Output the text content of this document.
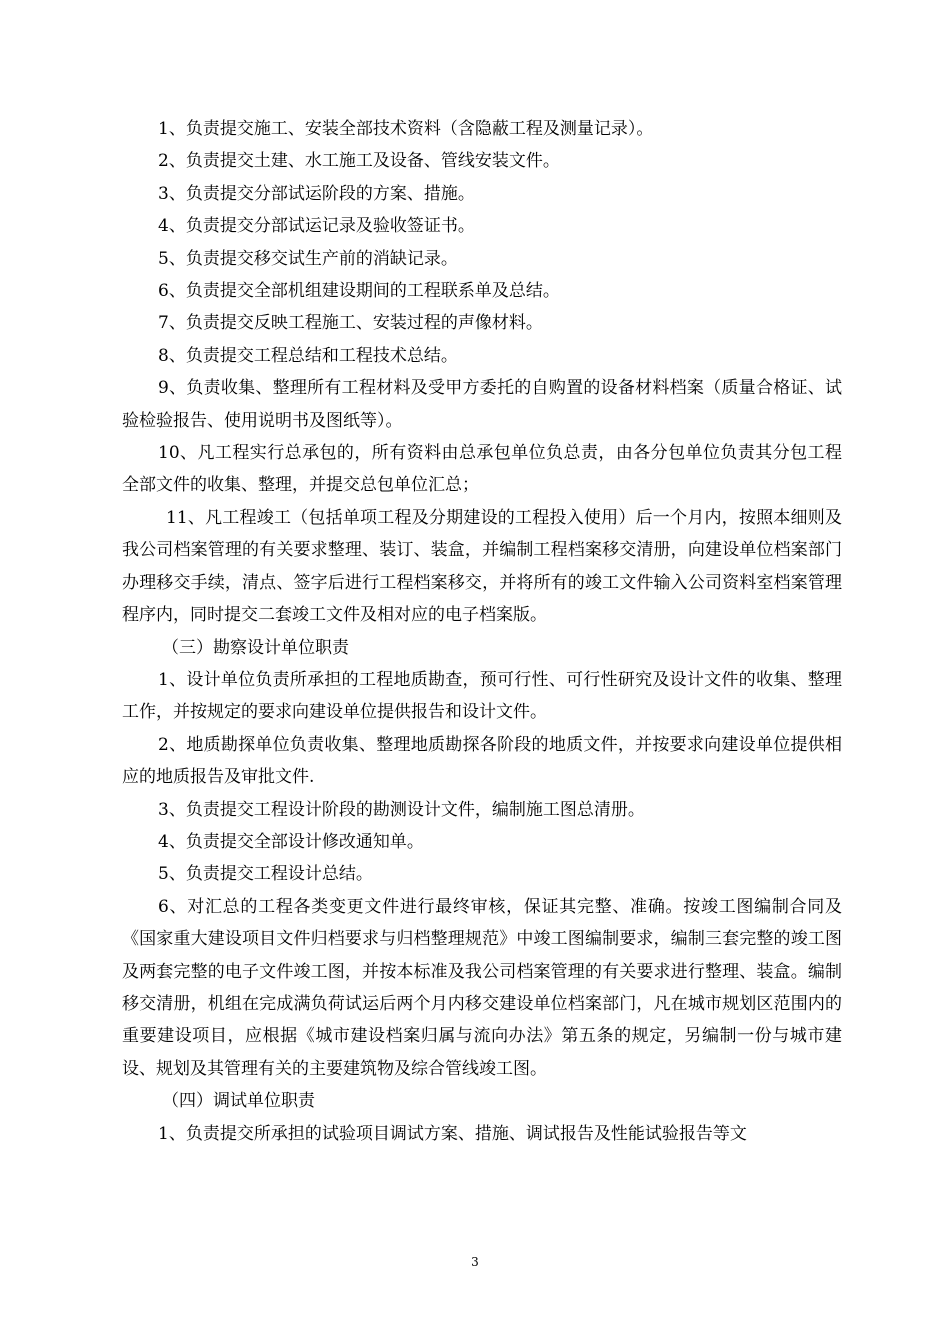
1、负责提交施工、安装全部技术资料（含隐蔽工程及测量记录）。

2、负责提交土建、水工施工及设备、管线安装文件。

3、负责提交分部试运阶段的方案、措施。

4、负责提交分部试运记录及验收签证书。

5、负责提交移交试生产前的消缺记录。

6、负责提交全部机组建设期间的工程联系单及总结。

7、负责提交反映工程施工、安装过程的声像材料。

8、负责提交工程总结和工程技术总结。

9、负责收集、整理所有工程材料及受甲方委托的自购置的设备材料档案（质量合格证、试验检验报告、使用说明书及图纸等）。

10、凡工程实行总承包的，所有资料由总承包单位负总责，由各分包单位负责其分包工程全部文件的收集、整理，并提交总包单位汇总；

11、凡工程竣工（包括单项工程及分期建设的工程投入使用）后一个月内，按照本细则及我公司档案管理的有关要求整理、装订、装盒，并编制工程档案移交清册，向建设单位档案部门办理移交手续，清点、签字后进行工程档案移交，并将所有的竣工文件输入公司资料室档案管理程序内，同时提交二套竣工文件及相对应的电子档案版。

（三）勘察设计单位职责

1、设计单位负责所承担的工程地质勘查，预可行性、可行性研究及设计文件的收集、整理工作，并按规定的要求向建设单位提供报告和设计文件。

2、地质勘探单位负责收集、整理地质勘探各阶段的地质文件，并按要求向建设单位提供相应的地质报告及审批文件.

3、负责提交工程设计阶段的勘测设计文件，编制施工图总清册。

4、负责提交全部设计修改通知单。

5、负责提交工程设计总结。

6、对汇总的工程各类变更文件进行最终审核，保证其完整、准确。按竣工图编制合同及《国家重大建设项目文件归档要求与归档整理规范》中竣工图编制要求，编制三套完整的竣工图及两套完整的电子文件竣工图，并按本标准及我公司档案管理的有关要求进行整理、装盒。编制移交清册，机组在完成满负荷试运后两个月内移交建设单位档案部门，凡在城市规划区范围内的重要建设项目，应根据《城市建设档案归属与流向办法》第五条的规定，另编制一份与城市建设、规划及其管理有关的主要建筑物及综合管线竣工图。

（四）调试单位职责

1、负责提交所承担的试验项目调试方案、措施、调试报告及性能试验报告等文

3
